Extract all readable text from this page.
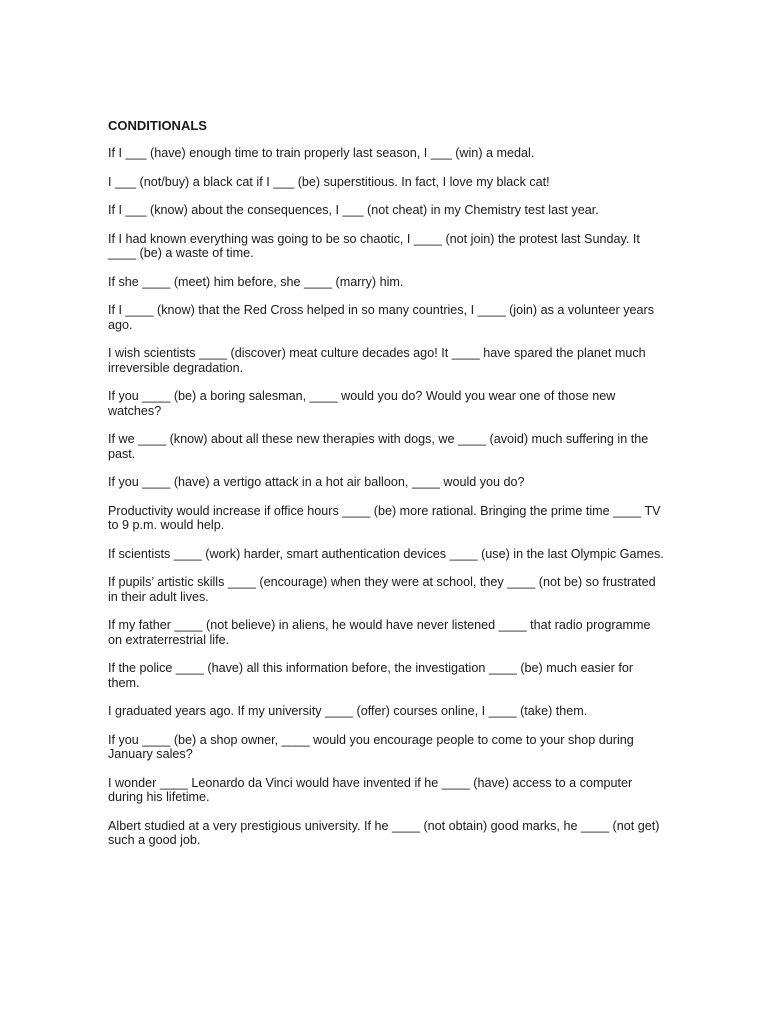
CONDITIONALS
If I ___ (have) enough time to train properly last season, I ___ (win) a medal.
I ___ (not/buy) a black cat if I ___ (be) superstitious. In fact, I love my black cat!
If I ___ (know) about the consequences, I ___ (not cheat) in my Chemistry test last year.
If I had known everything was going to be so chaotic, I ____ (not join) the protest last Sunday. It ____ (be) a waste of time.
If she ____ (meet) him before, she ____ (marry) him.
If I ____ (know) that the Red Cross helped in so many countries, I ____ (join) as a volunteer years ago.
I wish scientists ____ (discover) meat culture decades ago! It ____ have spared the planet much irreversible degradation.
If you ____ (be) a boring salesman, ____ would you do? Would you wear one of those new watches?
If we ____ (know) about all these new therapies with dogs, we ____ (avoid) much suffering in the past.
If you ____ (have) a vertigo attack in a hot air balloon, ____ would you do?
Productivity would increase if office hours ____ (be) more rational. Bringing the prime time ____ TV to 9 p.m. would help.
If scientists ____ (work) harder, smart authentication devices ____ (use) in the last Olympic Games.
If pupils’ artistic skills ____ (encourage) when they were at school, they ____ (not be) so frustrated in their adult lives.
If my father ____ (not believe) in aliens, he would have never listened ____ that radio programme on extraterrestrial life.
If the police ____ (have) all this information before, the investigation ____ (be) much easier for them.
I graduated years ago. If my university ____ (offer) courses online, I ____ (take) them.
If you ____ (be) a shop owner, ____ would you encourage people to come to your shop during January sales?
I wonder ____ Leonardo da Vinci would have invented if he ____ (have) access to a computer during his lifetime.
Albert studied at a very prestigious university. If he ____ (not obtain) good marks, he ____ (not get) such a good job.
